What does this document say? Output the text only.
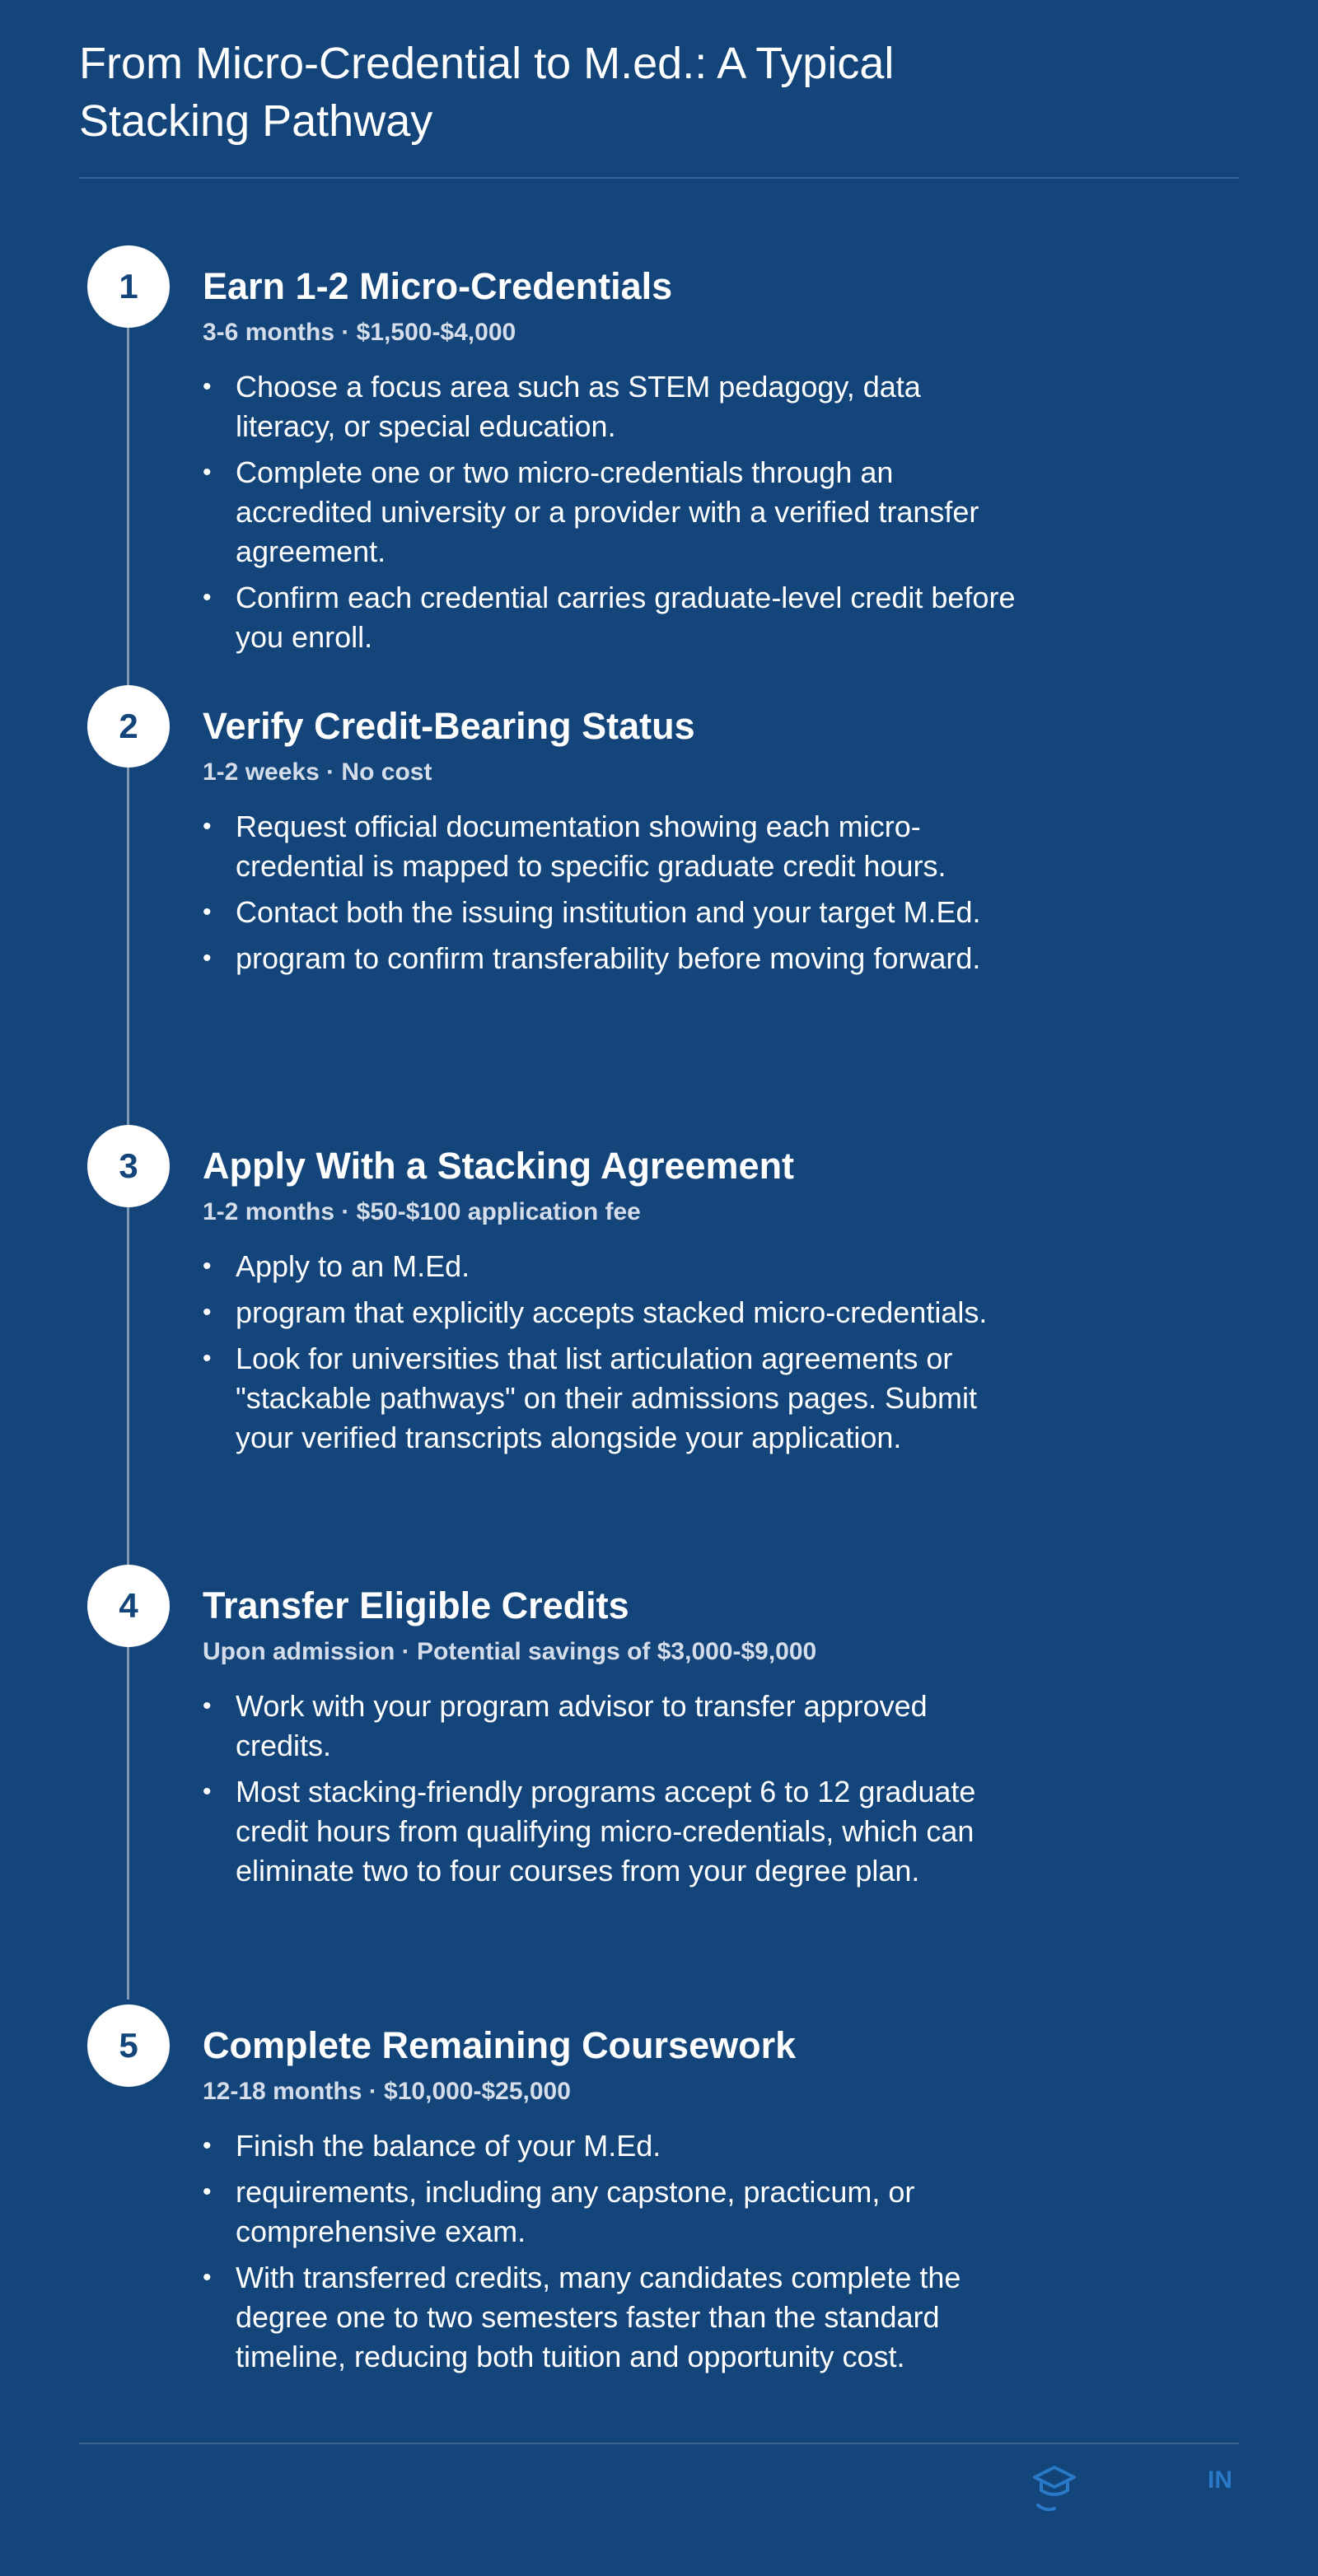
From Micro-Credential to M.ed.: A Typical Stacking Pathway
1	Earn 1-2 Micro-Credentials
3-6 months · $1,500-$4,000
• Choose a focus area such as STEM pedagogy, data literacy, or special education.
• Complete one or two micro-credentials through an accredited university or a provider with a verified transfer agreement.
• Confirm each credential carries graduate-level credit before you enroll.
2	Verify Credit-Bearing Status
1-2 weeks · No cost
• Request official documentation showing each micro-credential is mapped to specific graduate credit hours.
• Contact both the issuing institution and your target M.Ed.
• program to confirm transferability before moving forward.
3	Apply With a Stacking Agreement
1-2 months · $50-$100 application fee
• Apply to an M.Ed.
• program that explicitly accepts stacked micro-credentials.
• Look for universities that list articulation agreements or "stackable pathways" on their admissions pages. Submit your verified transcripts alongside your application.
4	Transfer Eligible Credits
Upon admission · Potential savings of $3,000-$9,000
• Work with your program advisor to transfer approved credits.
• Most stacking-friendly programs accept 6 to 12 graduate credit hours from qualifying micro-credentials, which can eliminate two to four courses from your degree plan.
5	Complete Remaining Coursework
12-18 months · $10,000-$25,000
• Finish the balance of your M.Ed.
• requirements, including any capstone, practicum, or comprehensive exam.
• With transferred credits, many candidates complete the degree one to two semesters faster than the standard timeline, reducing both tuition and opportunity cost.
IN
